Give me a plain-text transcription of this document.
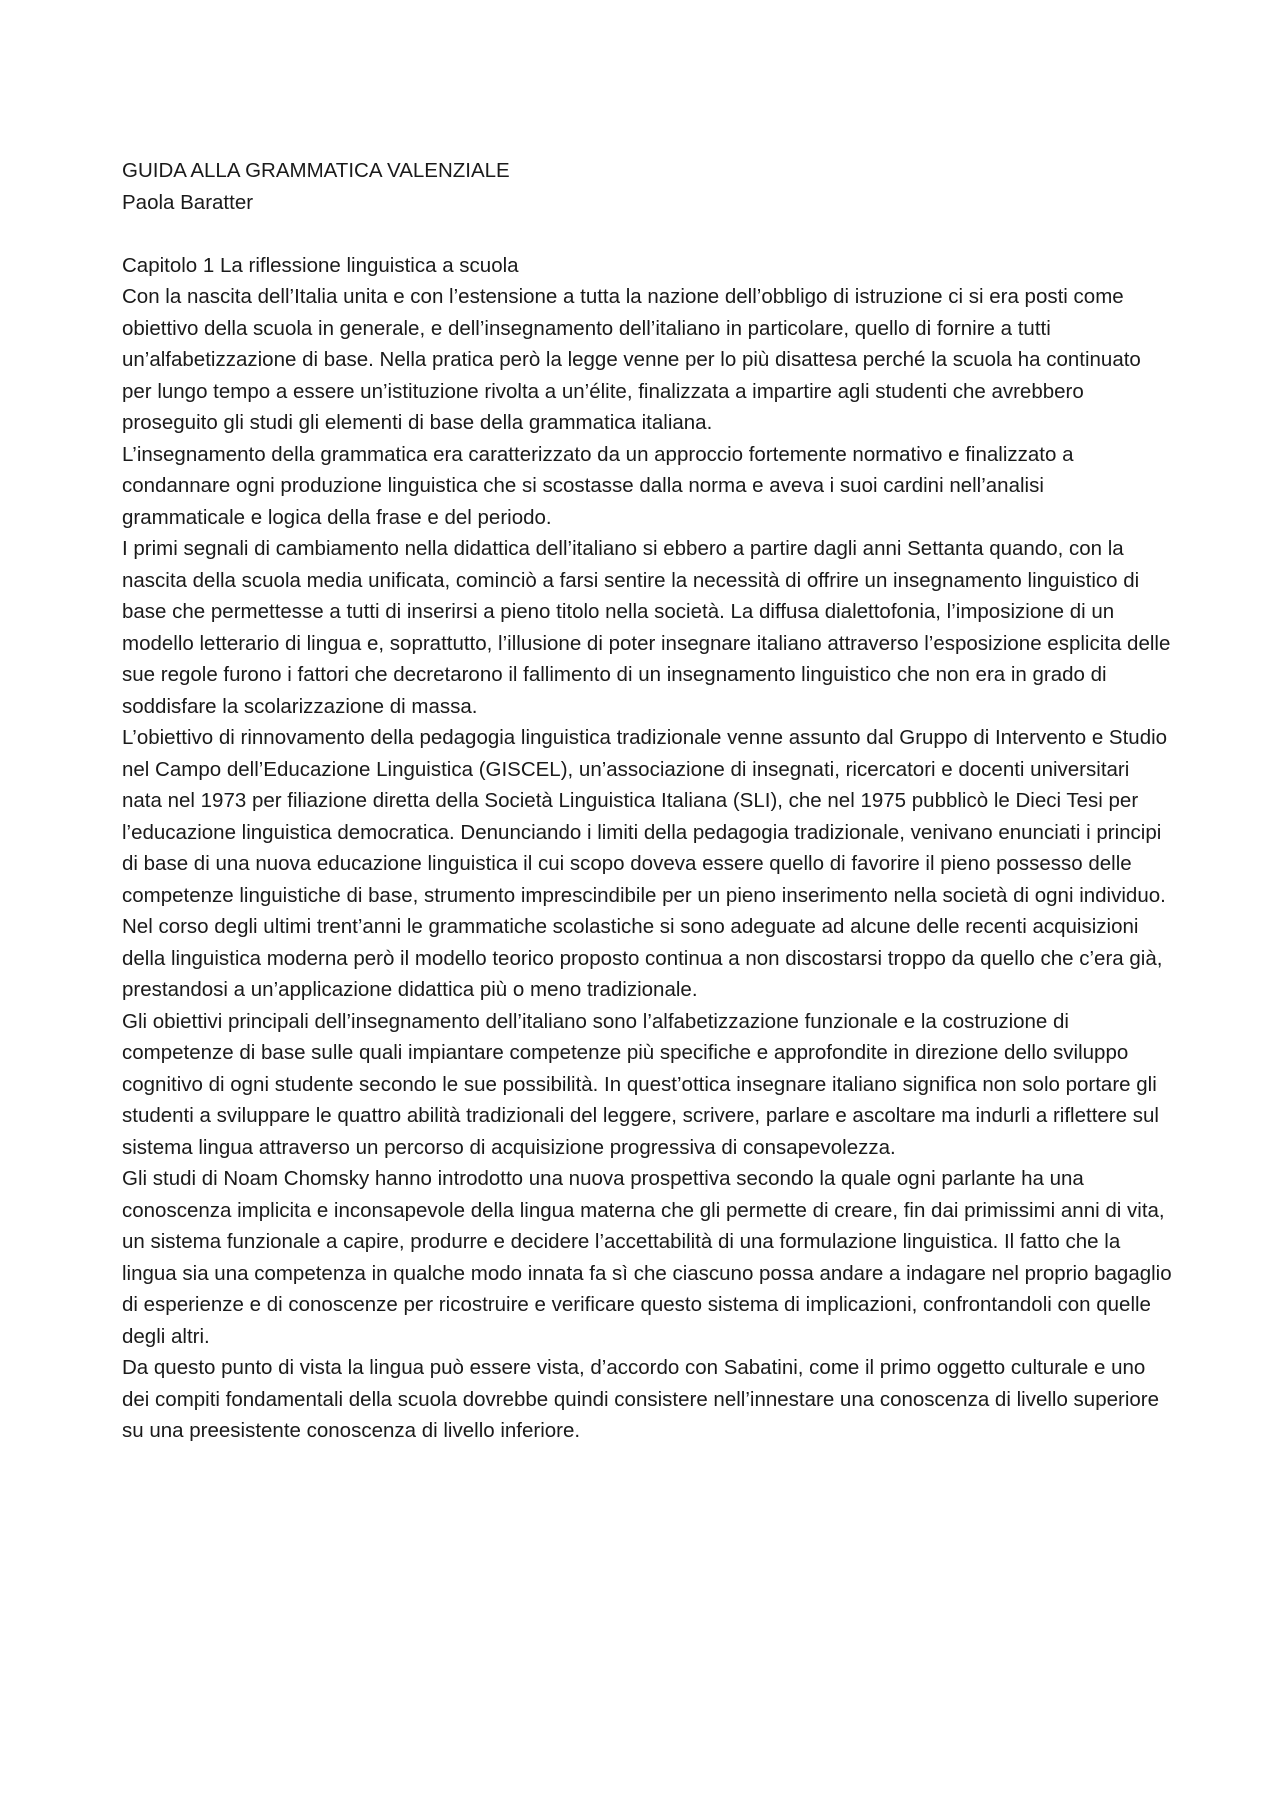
GUIDA ALLA GRAMMATICA VALENZIALE

Paola Baratter

Capitolo 1 La riflessione linguistica a scuola

Con la nascita dell’Italia unita e con l’estensione a tutta la nazione dell’obbligo di istruzione ci si era posti come obiettivo della scuola in generale, e dell’insegnamento dell’italiano in particolare, quello di fornire a tutti un’alfabetizzazione di base. Nella pratica però la legge venne per lo più disattesa perché la scuola ha continuato per lungo tempo a essere un’istituzione rivolta a un’élite, finalizzata a impartire agli studenti che avrebbero proseguito gli studi gli elementi di base della grammatica italiana.

L’insegnamento della grammatica era caratterizzato da un approccio fortemente normativo e finalizzato a condannare ogni produzione linguistica che si scostasse dalla norma e aveva i suoi cardini nell’analisi grammaticale e logica della frase e del periodo.

I primi segnali di cambiamento nella didattica dell’italiano si ebbero a partire dagli anni Settanta quando, con la nascita della scuola media unificata, cominciò a farsi sentire la necessità di offrire un insegnamento linguistico di base che permettesse a tutti di inserirsi a pieno titolo nella società. La diffusa dialettofonia, l’imposizione di un modello letterario di lingua e, soprattutto, l’illusione di poter insegnare italiano attraverso l’esposizione esplicita delle sue regole furono i fattori che decretarono il fallimento di un insegnamento linguistico che non era in grado di soddisfare la scolarizzazione di massa.

L’obiettivo di rinnovamento della pedagogia linguistica tradizionale venne assunto dal Gruppo di Intervento e Studio nel Campo dell’Educazione Linguistica (GISCEL), un’associazione di insegnati, ricercatori e docenti universitari nata nel 1973 per filiazione diretta della Società Linguistica Italiana (SLI), che nel 1975 pubblicò le Dieci Tesi per l’educazione linguistica democratica. Denunciando i limiti della pedagogia tradizionale, venivano enunciati i principi di base di una nuova educazione linguistica il cui scopo doveva essere quello di favorire il pieno possesso delle competenze linguistiche di base, strumento imprescindibile per un pieno inserimento nella società di ogni individuo.

Nel corso degli ultimi trent’anni le grammatiche scolastiche si sono adeguate ad alcune delle recenti acquisizioni della linguistica moderna però il modello teorico proposto continua a non discostarsi troppo da quello che c’era già, prestandosi a un’applicazione didattica più o meno tradizionale.

Gli obiettivi principali dell’insegnamento dell’italiano sono l’alfabetizzazione funzionale e la costruzione di competenze di base sulle quali impiantare competenze più specifiche e approfondite in direzione dello sviluppo cognitivo di ogni studente secondo le sue possibilità. In quest’ottica insegnare italiano significa non solo portare gli studenti a sviluppare le quattro abilità tradizionali del leggere, scrivere, parlare e ascoltare ma indurli a riflettere sul sistema lingua attraverso un percorso di acquisizione progressiva di consapevolezza.

Gli studi di Noam Chomsky hanno introdotto una nuova prospettiva secondo la quale ogni parlante ha una conoscenza implicita e inconsapevole della lingua materna che gli permette di creare, fin dai primissimi anni di vita, un sistema funzionale a capire, produrre e decidere l’accettabilità di una formulazione linguistica. Il fatto che la lingua sia una competenza in qualche modo innata fa sì che ciascuno possa andare a indagare nel proprio bagaglio di esperienze e di conoscenze per ricostruire e verificare questo sistema di implicazioni, confrontandoli con quelle degli altri.

Da questo punto di vista la lingua può essere vista, d’accordo con Sabatini, come il primo oggetto culturale e uno dei compiti fondamentali della scuola dovrebbe quindi consistere nell’innestare una conoscenza di livello superiore su una preesistente conoscenza di livello inferiore.
